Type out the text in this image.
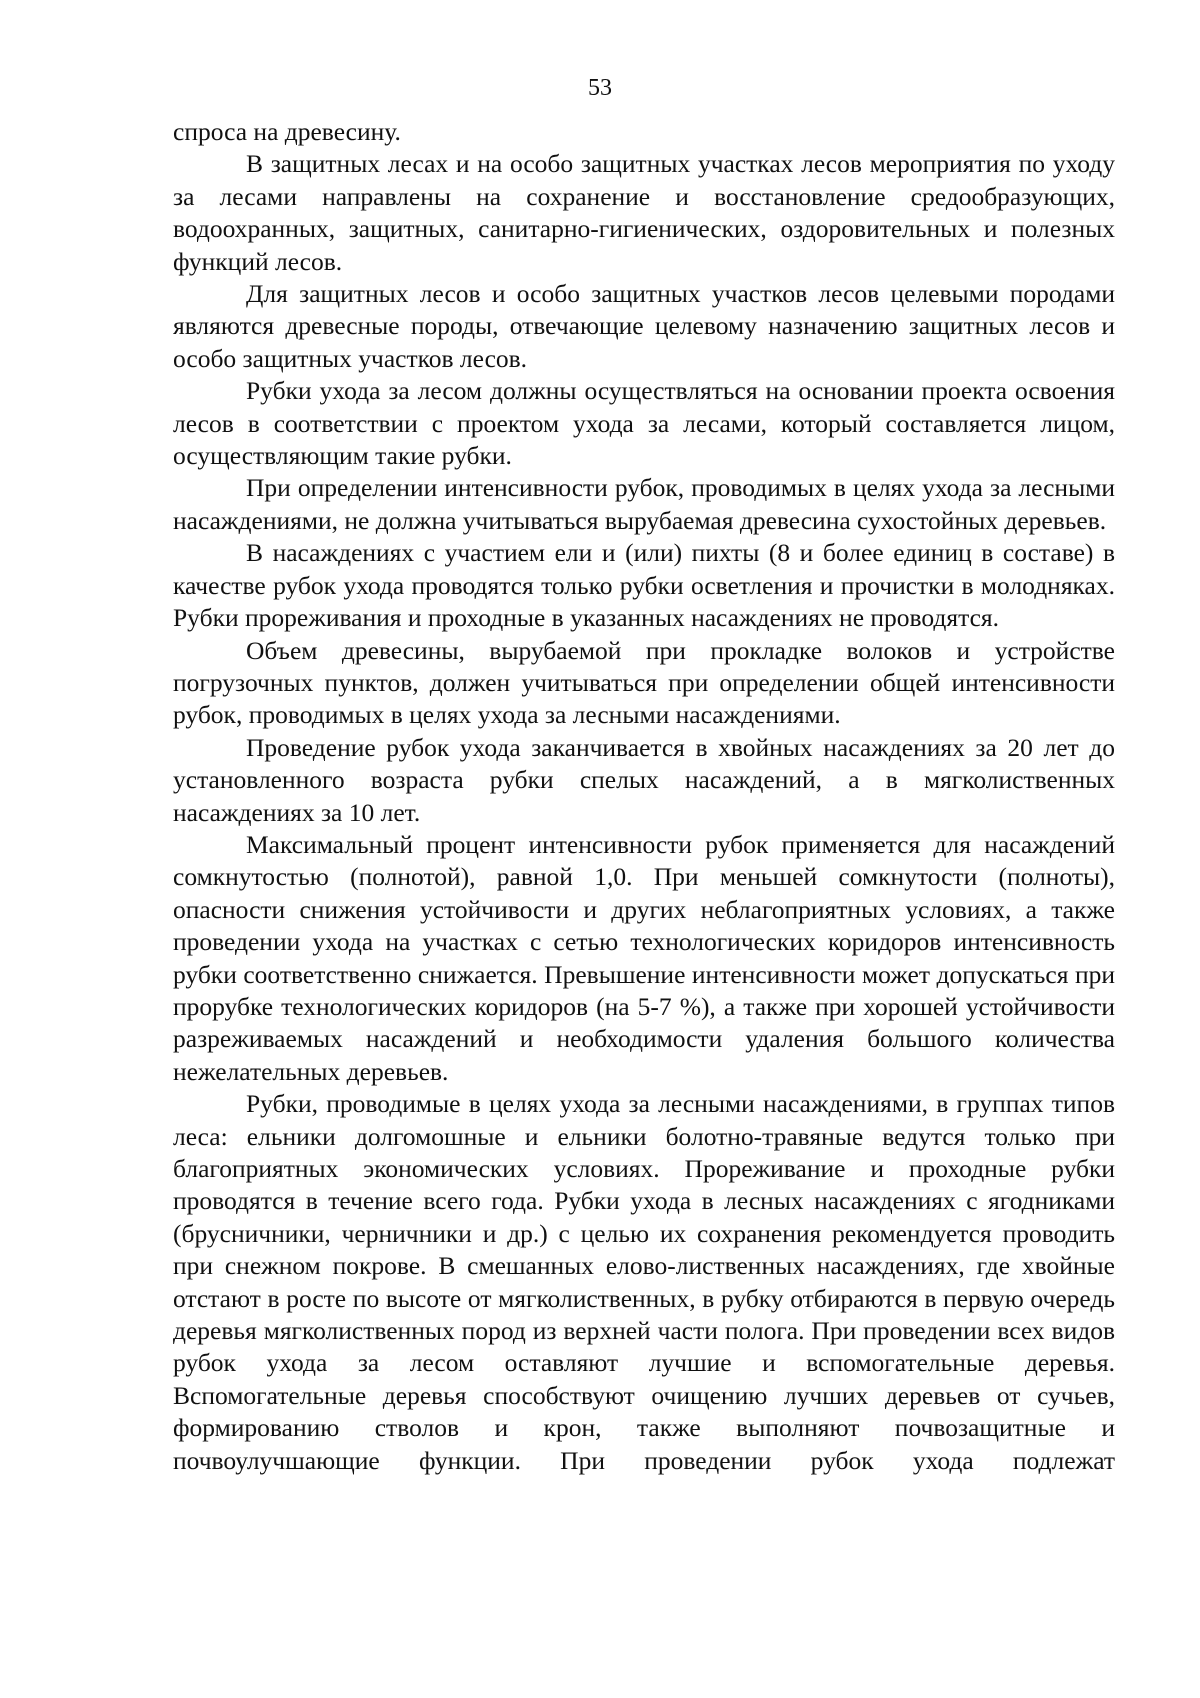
53

спроса на древесину.

В защитных лесах и на особо защитных участках лесов мероприятия по уходу за лесами направлены на сохранение и восстановление средообразующих, водоохранных, защитных, санитарно-гигиенических, оздоровительных и полезных функций лесов.

Для защитных лесов и особо защитных участков лесов целевыми породами являются древесные породы, отвечающие целевому назначению защитных лесов и особо защитных участков лесов.

Рубки ухода за лесом должны осуществляться на основании проекта освоения лесов в соответствии с проектом ухода за лесами, который составляется лицом, осуществляющим такие рубки.

При определении интенсивности рубок, проводимых в целях ухода за лесными насаждениями, не должна учитываться вырубаемая древесина сухостойных деревьев.

В насаждениях с участием ели и (или) пихты (8 и более единиц в составе) в качестве рубок ухода проводятся только рубки осветления и прочистки в молодняках. Рубки прореживания и проходные в указанных насаждениях не проводятся.

Объем древесины, вырубаемой при прокладке волоков и устройстве погрузочных пунктов, должен учитываться при определении общей интенсивности рубок, проводимых в целях ухода за лесными насаждениями.

Проведение рубок ухода заканчивается в хвойных насаждениях за 20 лет до установленного возраста рубки спелых насаждений, а в мягколиственных насаждениях за 10 лет.

Максимальный процент интенсивности рубок применяется для насаждений сомкнутостью (полнотой), равной 1,0. При меньшей сомкнутости (полноты), опасности снижения устойчивости и других неблагоприятных условиях, а также проведении ухода на участках с сетью технологических коридоров интенсивность рубки соответственно снижается. Превышение интенсивности может допускаться при прорубке технологических коридоров (на 5-7 %), а также при хорошей устойчивости разреживаемых насаждений и необходимости удаления большого количества нежелательных деревьев.

Рубки, проводимые в целях ухода за лесными насаждениями, в группах типов леса: ельники долгомошные и ельники болотно-травяные ведутся только при благоприятных экономических условиях. Прореживание и проходные рубки проводятся в течение всего года. Рубки ухода в лесных насаждениях с ягодниками (брусничники, черничники и др.) с целью их сохранения рекомендуется проводить при снежном покрове. В смешанных елово-лиственных насаждениях, где хвойные отстают в росте по высоте от мягколиственных, в рубку отбираются в первую очередь деревья мягколиственных пород из верхней части полога. При проведении всех видов рубок ухода за лесом оставляют лучшие и вспомогательные деревья. Вспомогательные деревья способствуют очищению лучших деревьев от сучьев, формированию стволов и крон, также выполняют почвозащитные и почвоулучшающие функции. При проведении рубок ухода подлежат
